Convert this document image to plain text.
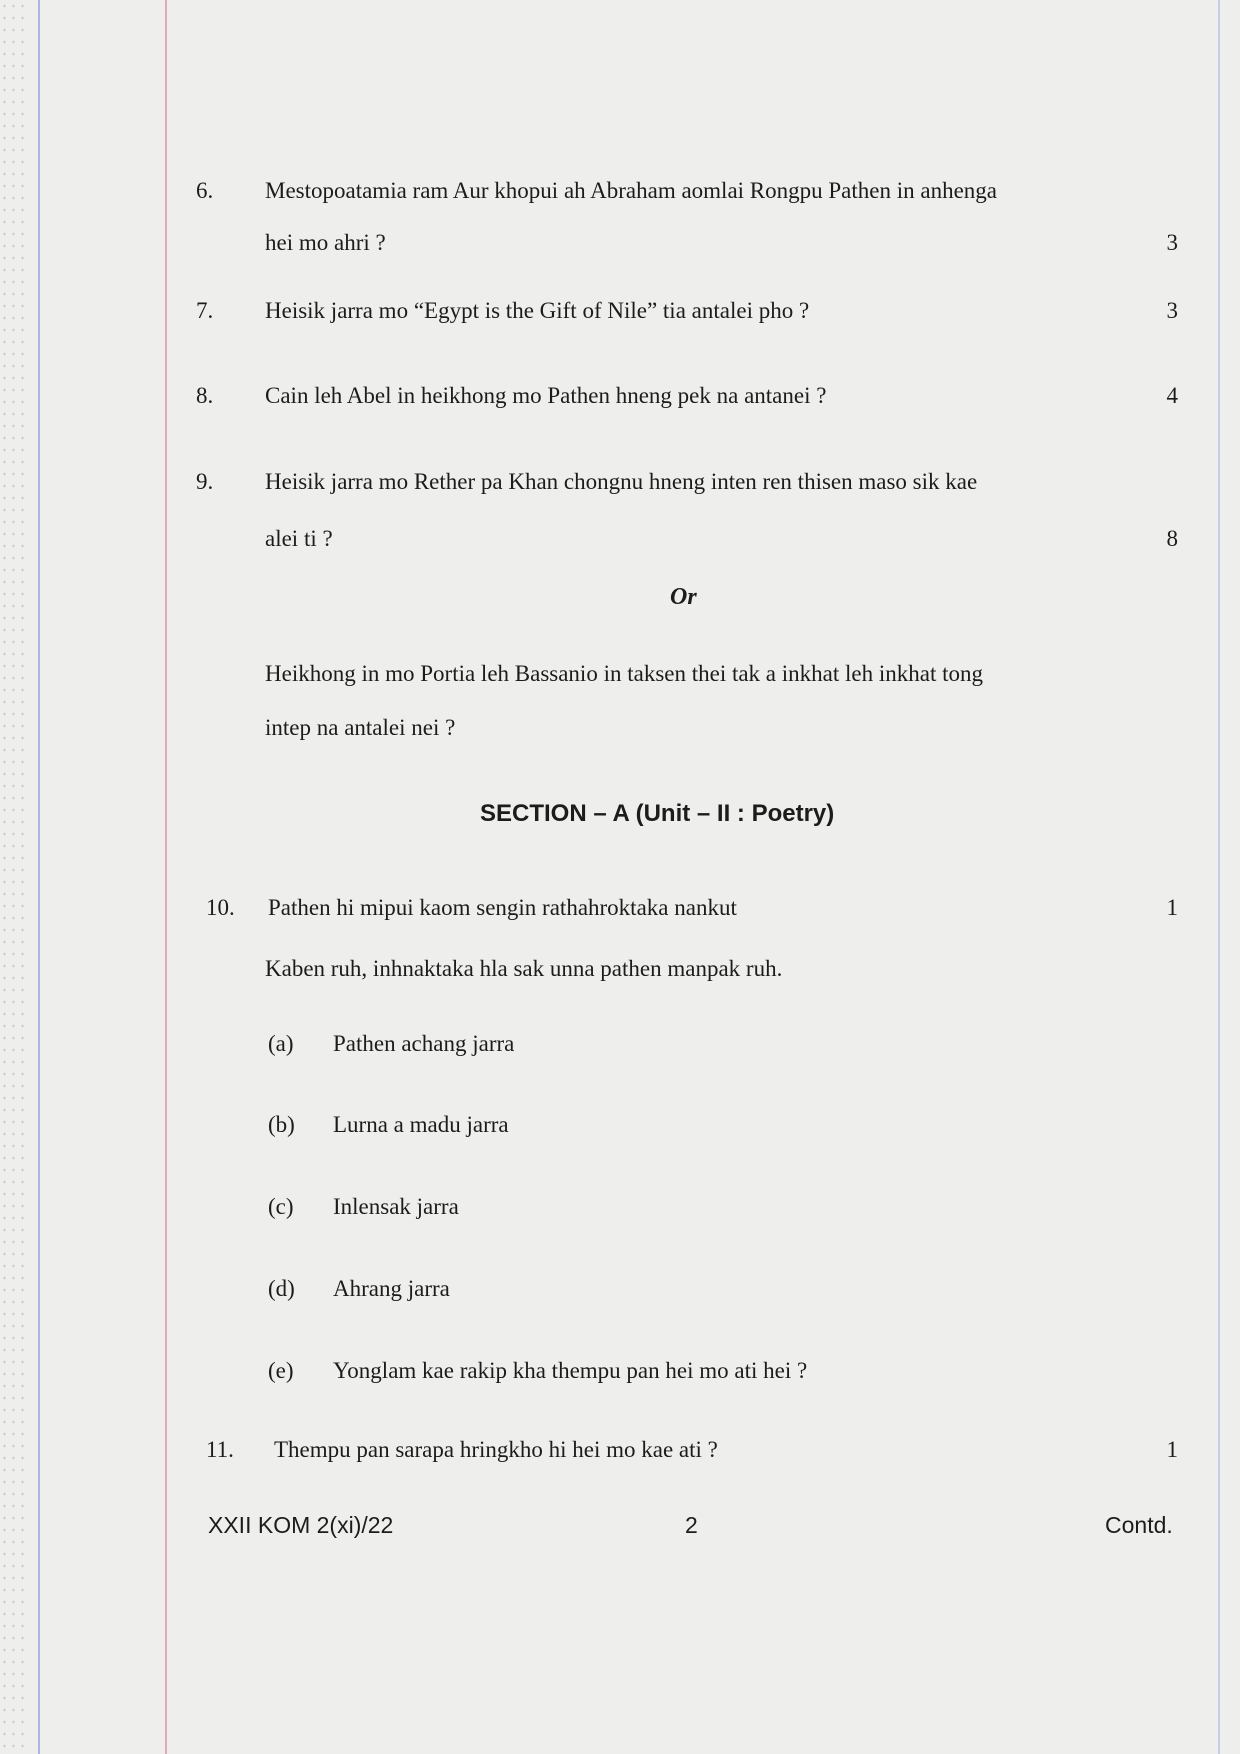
6. Mestopoatamia ram Aur khopui ah Abraham aomlai Rongpu Pathen in anhenga
hei mo ahri ?	3
7. Heisik jarra mo “Egypt is the Gift of Nile” tia antalei pho ?	3
8. Cain leh Abel in heikhong mo Pathen hneng pek na antanei ?	4
9. Heisik jarra mo Rether pa Khan chongnu hneng inten ren thisen maso sik kae
alei ti ?	8
Or
Heikhong in mo Portia leh Bassanio in taksen thei tak a inkhat leh inkhat tong
intep na antalei nei ?
SECTION – A (Unit – II : Poetry)
10. Pathen hi mipui kaom sengin rathahroktaka nankut	1
Kaben ruh, inhnaktaka hla sak unna pathen manpak ruh.
(a) Pathen achang jarra
(b) Lurna a madu jarra
(c) Inlensak jarra
(d) Ahrang jarra
(e) Yonglam kae rakip kha thempu pan hei mo ati hei ?
11. Thempu pan sarapa hringkho hi hei mo kae ati ?	1
XXII KOM 2(xi)/22	2	Contd.
